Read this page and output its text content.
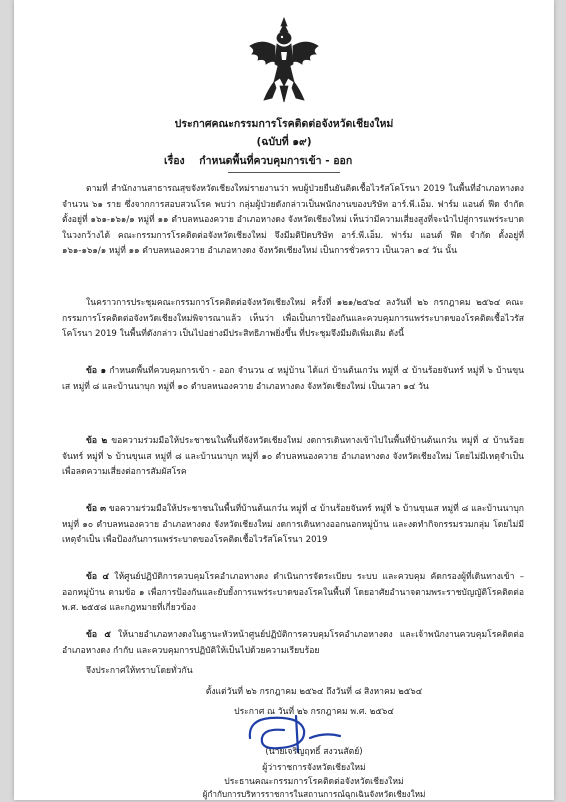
ประกาศคณะกรรมการโรคติดต่อจังหวัดเชียงใหม่
(ฉบับที่ ๑๙)
เรื่อง กำหนดพื้นที่ควบคุมการเข้า - ออก

ตามที่ สำนักงานสาธารณสุขจังหวัดเชียงใหม่รายงานว่า พบผู้ป่วยยืนยันติดเชื้อไวรัสโคโรนา 2019 ในพื้นที่อำเภอหางดง จำนวน ๖๑ ราย ซึ่งจากการสอบสวนโรค พบว่า กลุ่มผู้ป่วยดังกล่าวเป็นพนักงานของบริษัท อาร์.พี.เอ็ม. ฟาร์ม แอนด์ ฟีด จำกัด ตั้งอยู่ที่ ๑๖๑-๑๖๑/๑ หมู่ที่ ๑๑ ตำบลหนองควาย อำเภอหางดง จังหวัดเชียงใหม่ เห็นว่ามีความเสี่ยงสูงที่จะนำไปสู่การแพร่ระบาดในวงกว้างได้ คณะกรรมการโรคติดต่อจังหวัดเชียงใหม่ จึงมีมติปิดบริษัท อาร์.พี.เอ็ม. ฟาร์ม แอนด์ ฟีด จำกัด ตั้งอยู่ที่ ๑๖๑-๑๖๑/๑ หมู่ที่ ๑๑ ตำบลหนองควาย อำเภอหางดง จังหวัดเชียงใหม่ เป็นการชั่วคราว เป็นเวลา ๑๔ วัน นั้น

ในคราวการประชุมคณะกรรมการโรคติดต่อจังหวัดเชียงใหม่ ครั้งที่ ๑๒๑/๒๕๖๔ ลงวันที่ ๒๖ กรกฎาคม ๒๕๖๔ คณะกรรมการโรคติดต่อจังหวัดเชียงใหม่พิจารณาแล้ว เห็นว่า เพื่อเป็นการป้องกันและควบคุมการแพร่ระบาดของโรคติดเชื้อไวรัสโคโรนา 2019 ในพื้นที่ดังกล่าว เป็นไปอย่างมีประสิทธิภาพยิ่งขึ้น ที่ประชุมจึงมีมติเพิ่มเติม ดังนี้

ข้อ ๑ กำหนดพื้นที่ควบคุมการเข้า - ออก จำนวน ๔ หมู่บ้าน ได้แก่ บ้านต้นเกว๋น หมู่ที่ ๔ บ้านร้อยจันทร์ หมู่ที่ ๖ บ้านขุนเส หมู่ที่ ๘ และบ้านนาบุก หมู่ที่ ๑๐ ตำบลหนองควาย อำเภอหางดง จังหวัดเชียงใหม่ เป็นเวลา ๑๔ วัน

ข้อ ๒ ขอความร่วมมือให้ประชาชนในพื้นที่จังหวัดเชียงใหม่ งดการเดินทางเข้าไปในพื้นที่บ้านต้นเกว๋น หมู่ที่ ๔ บ้านร้อยจันทร์ หมู่ที่ ๖ บ้านขุนเส หมู่ที่ ๘ และบ้านนาบุก หมู่ที่ ๑๐ ตำบลหนองควาย อำเภอหางดง จังหวัดเชียงใหม่ โดยไม่มีเหตุจำเป็น เพื่อลดความเสี่ยงต่อการสัมผัสโรค

ข้อ ๓ ขอความร่วมมือให้ประชาชนในพื้นที่บ้านต้นเกว๋น หมู่ที่ ๔ บ้านร้อยจันทร์ หมู่ที่ ๖ บ้านขุนเส หมู่ที่ ๘ และบ้านนาบุก หมู่ที่ ๑๐ ตำบลหนองควาย อำเภอหางดง จังหวัดเชียงใหม่ งดการเดินทางออกนอกหมู่บ้าน และงดทำกิจกรรมรวมกลุ่ม โดยไม่มีเหตุจำเป็น เพื่อป้องกันการแพร่ระบาดของโรคติดเชื้อไวรัสโคโรนา 2019

ข้อ ๔ ให้ศูนย์ปฏิบัติการควบคุมโรคอำเภอหางดง ดำเนินการจัดระเบียบ ระบบ และควบคุม คัดกรองผู้ที่เดินทางเข้า – ออกหมู่บ้าน ตามข้อ ๑ เพื่อการป้องกันและยับยั้งการแพร่ระบาดของโรคในพื้นที่ โดยอาศัยอำนาจตามพระราชบัญญัติโรคติดต่อ พ.ศ. ๒๕๕๘ และกฎหมายที่เกี่ยวข้อง

ข้อ ๕ ให้นายอำเภอหางดงในฐานะหัวหน้าศูนย์ปฏิบัติการควบคุมโรคอำเภอหางดง และเจ้าพนักงานควบคุมโรคติดต่ออำเภอหางดง กำกับ และควบคุมการปฏิบัติให้เป็นไปด้วยความเรียบร้อย

จึงประกาศให้ทราบโดยทั่วกัน

ตั้งแต่วันที่ ๒๖ กรกฎาคม ๒๕๖๔ ถึงวันที่ ๘ สิงหาคม ๒๕๖๔
ประกาศ ณ วันที่ ๒๖ กรกฎาคม พ.ศ. ๒๕๖๔
(นายเจริญฤทธิ์ สงวนสัตย์)
ผู้ว่าราชการจังหวัดเชียงใหม่
ประธานคณะกรรมการโรคติดต่อจังหวัดเชียงใหม่
ผู้กำกับการบริหารราชการในสถานการณ์ฉุกเฉินจังหวัดเชียงใหม่
